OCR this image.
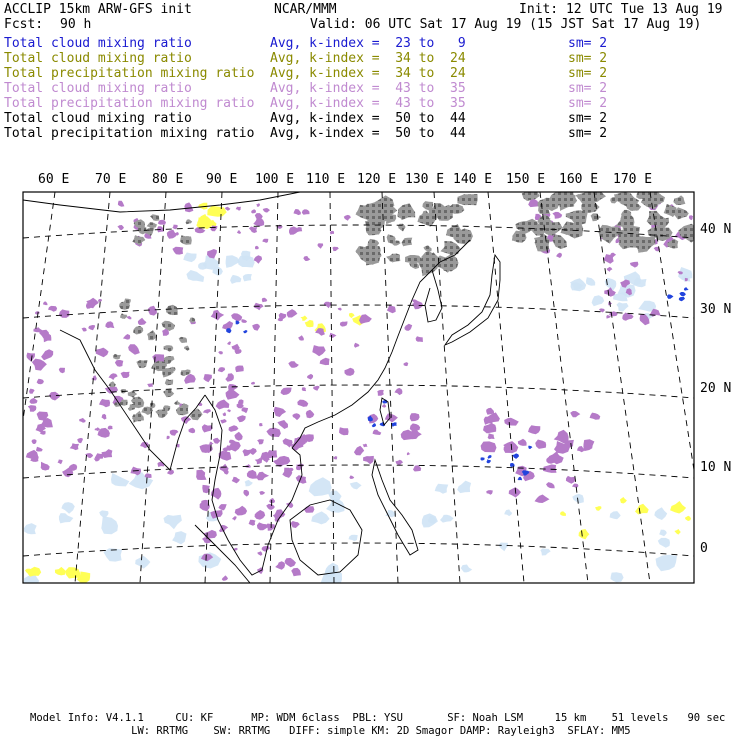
ACCLIP 15km ARW-GFS init	NCAR/MMM	Init: 12 UTC Tue 13 Aug 19
Fcst: 90 h	Valid: 06 UTC Sat 17 Aug 19 (15 JST Sat 17 Aug 19)
Total cloud mixing ratio	Avg, k-index =  23 to   9	sm= 2
Total cloud mixing ratio	Avg, k-index =  34 to  24	sm= 2
Total precipitation mixing ratio Avg, k-index =  34 to  24	sm= 2
Total cloud mixing ratio	Avg, k-index =  43 to  35	sm= 2
Total precipitation mixing ratio Avg, k-index =  43 to  35	sm= 2
Total cloud mixing ratio	Avg, k-index =  50 to  44	sm= 2
Total precipitation mixing ratio Avg, k-index =  50 to  44	sm= 2
60 E 70 E 80 E 90 E 100 E 110 E 120 E 130 E 140 E 150 E 160 E 170 E
40 N
30 N
20 N
10 N
0
Model Info: V4.1.1     CU: KF      MP: WDM 6class  PBL: YSU       SF: Noah LSM     15 km    51 levels   90 sec
LW: RRTMG    SW: RRTMG   DIFF: simple KM: 2D Smagor DAMP: Rayleigh3  SFLAY: MM5
